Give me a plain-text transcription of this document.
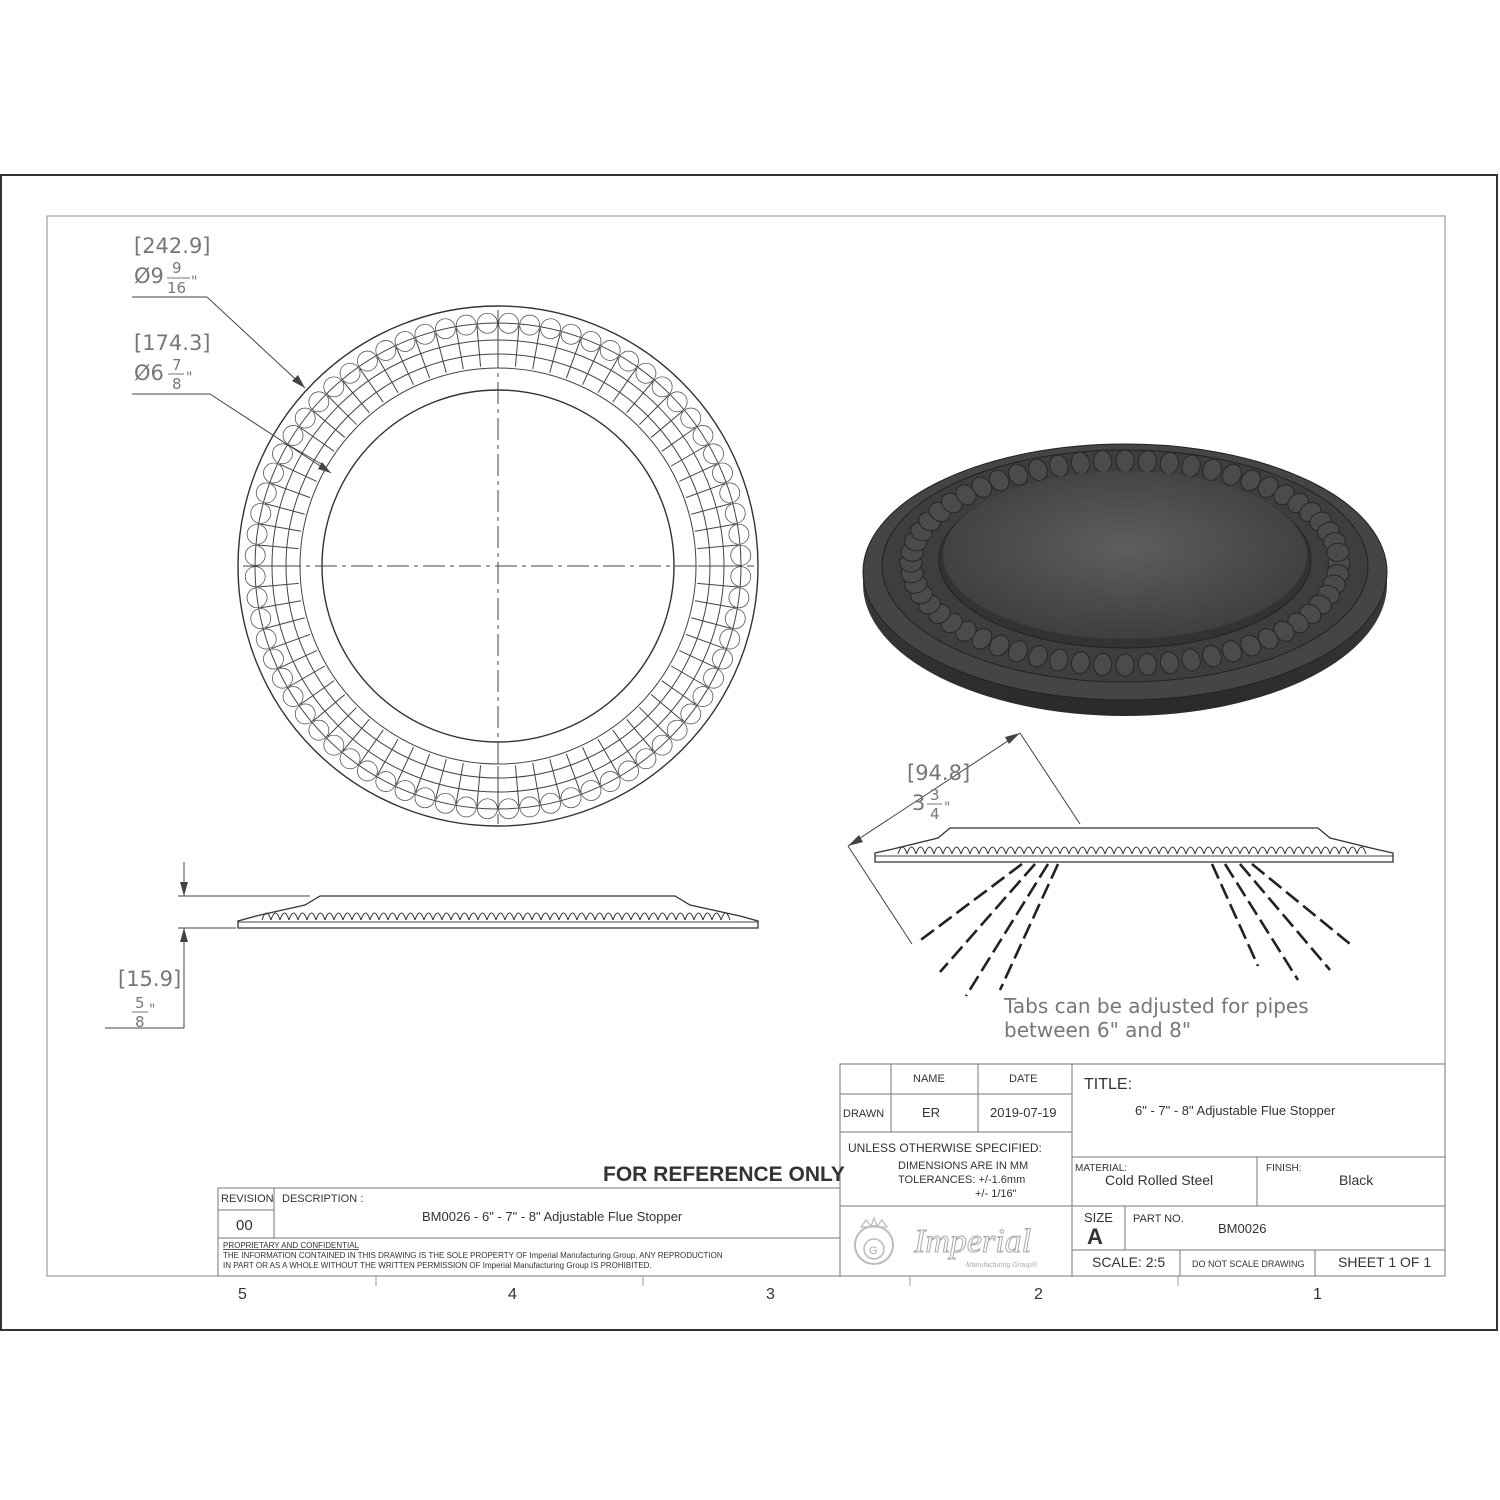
[242.9]
Ø9 9
16 "
[174.3]
Ø6 7
8 "
[15.9]
5
8
"
[94.8]
3 3
4 "
Tabs can be adjusted for pipes
between 6" and 8"
NAME	DATE
DRAWN	ER	2019-07-19
TITLE:
6" - 7" - 8" Adjustable Flue Stopper
UNLESS OTHERWISE SPECIFIED:
DIMENSIONS ARE IN MM
TOLERANCES: +/-1.6mm
+/- 1/16"
MATERIAL:
Cold Rolled Steel
FINISH:
Black
SIZE
A
PART NO.
BM0026
SCALE: 2:5	DO NOT SCALE DRAWING SHEET 1 OF 1
G Imperial
Manufacturing Group®
FOR REFERENCE ONLY
REVISION DESCRIPTION :
00
BM0026 - 6" - 7" - 8" Adjustable Flue Stopper
PROPRIETARY AND CONFIDENTIAL
THE INFORMATION CONTAINED IN THIS DRAWING IS THE SOLE PROPERTY OF Imperial Manufacturing Group. ANY REPRODUCTION
IN PART OR AS A WHOLE WITHOUT THE WRITTEN PERMISSION OF Imperial Manufacturing Group IS PROHIBITED.
5	4	3	2	1
